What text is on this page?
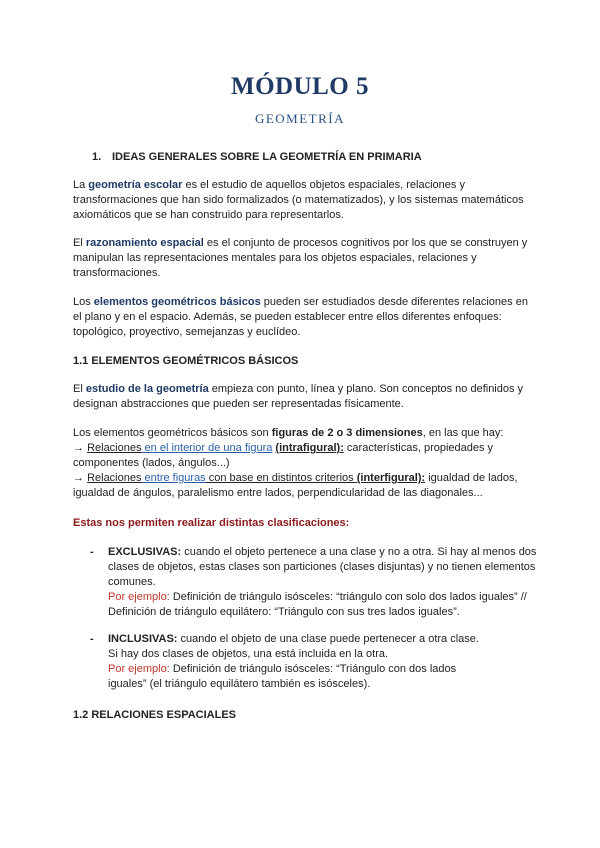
MÓDULO 5
GEOMETRÍA
1. IDEAS GENERALES SOBRE LA GEOMETRÍA EN PRIMARIA
La geometría escolar es el estudio de aquellos objetos espaciales, relaciones y transformaciones que han sido formalizados (o matematizados), y los sistemas matemáticos axiomáticos que se han construido para representarlos.
El razonamiento espacial es el conjunto de procesos cognitivos por los que se construyen y manipulan las representaciones mentales para los objetos espaciales, relaciones y transformaciones.
Los elementos geométricos básicos pueden ser estudiados desde diferentes relaciones en el plano y en el espacio. Además, se pueden establecer entre ellos diferentes enfoques: topológico, proyectivo, semejanzas y euclídeo.
1.1 ELEMENTOS GEOMÉTRICOS BÁSICOS
El estudio de la geometría empieza con punto, línea y plano. Son conceptos no definidos y designan abstracciones que pueden ser representadas físicamente.
Los elementos geométricos básicos son figuras de 2 o 3 dimensiones, en las que hay:
→ Relaciones en el interior de una figura (intrafigural): características, propiedades y componentes (lados, ángulos...)
→ Relaciones entre figuras con base en distintos criterios (interfigural): igualdad de lados, igualdad de ángulos, paralelismo entre lados, perpendicularidad de las diagonales...
Estas nos permiten realizar distintas clasificaciones:
- EXCLUSIVAS: cuando el objeto pertenece a una clase y no a otra. Si hay al menos dos clases de objetos, estas clases son particiones (clases disjuntas) y no tienen elementos comunes.
Por ejemplo: Definición de triángulo isósceles: “triángulo con solo dos lados iguales” // Definición de triángulo equilátero: “Triángulo con sus tres lados iguales”.
- INCLUSIVAS: cuando el objeto de una clase puede pertenecer a otra clase.
Si hay dos clases de objetos, una está incluida en la otra.
Por ejemplo: Definición de triángulo isósceles: “Triángulo con dos lados iguales” (el triángulo equilátero también es isósceles).
1.2 RELACIONES ESPACIALES
